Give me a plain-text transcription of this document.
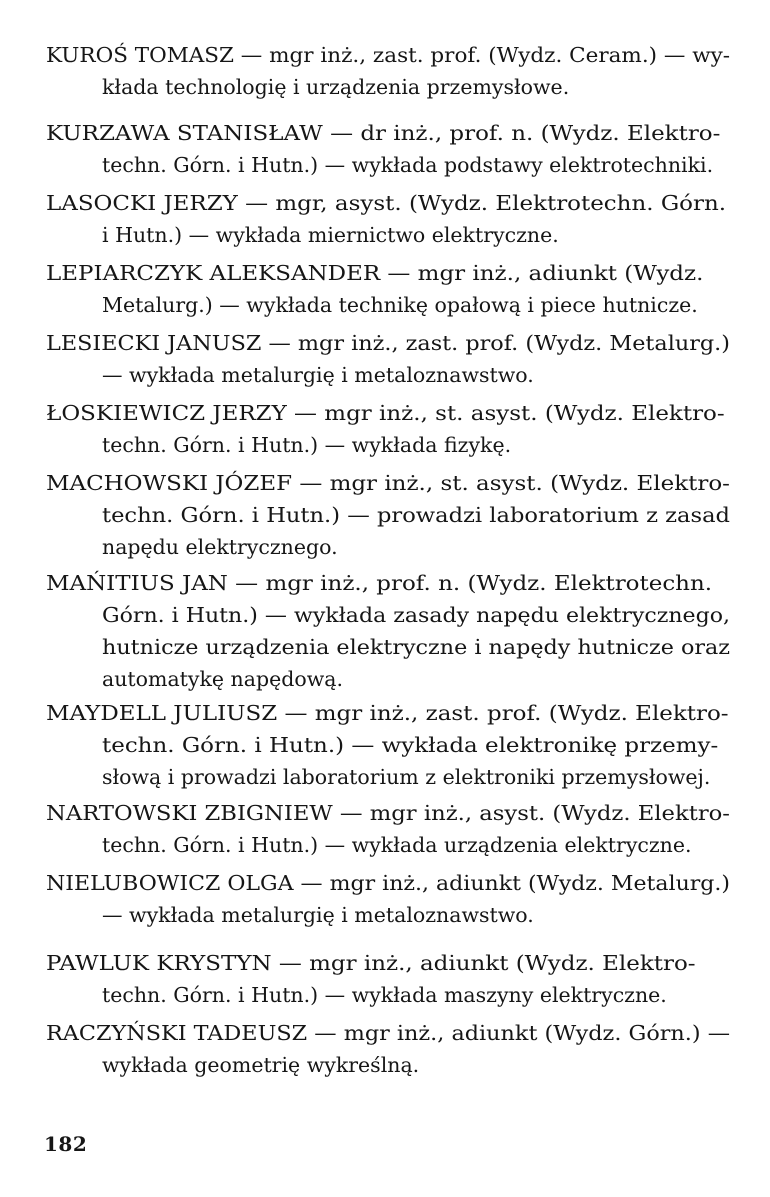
KUROŚ TOMASZ — mgr inż., zast. prof. (Wydz. Ceram.) — wy-
kłada technologię i urządzenia przemysłowe.
KURZAWA STANISŁAW — dr inż., prof. n. (Wydz. Elektro-
techn. Górn. i Hutn.) — wykłada podstawy elektrotechniki.
LASOCKI JERZY — mgr, asyst. (Wydz. Elektrotechn. Górn.
i Hutn.) — wykłada miernictwo elektryczne.
LEPIARCZYK ALEKSANDER — mgr inż., adiunkt (Wydz.
Metalurg.) — wykłada technikę opałową i piece hutnicze.
LESIECKI JANUSZ — mgr inż., zast. prof. (Wydz. Metalurg.)
— wykłada metalurgię i metaloznawstwo.
ŁOSKIEWICZ JERZY — mgr inż., st. asyst. (Wydz. Elektro-
techn. Górn. i Hutn.) — wykłada fizykę.
MACHOWSKI JÓZEF — mgr inż., st. asyst. (Wydz. Elektro-
techn. Górn. i Hutn.) — prowadzi laboratorium z zasad
napędu elektrycznego.
MAŃITIUS JAN — mgr inż., prof. n. (Wydz. Elektrotechn.
Górn. i Hutn.) — wykłada zasady napędu elektrycznego,
hutnicze urządzenia elektryczne i napędy hutnicze oraz
automatykę napędową.
MAYDELL JULIUSZ — mgr inż., zast. prof. (Wydz. Elektro-
techn. Górn. i Hutn.) — wykłada elektronikę przemy-
słową i prowadzi laboratorium z elektroniki przemysłowej.
NARTOWSKI ZBIGNIEW — mgr inż., asyst. (Wydz. Elektro-
techn. Górn. i Hutn.) — wykłada urządzenia elektryczne.
NIELUBOWICZ OLGA — mgr inż., adiunkt (Wydz. Metalurg.)
— wykłada metalurgię i metaloznawstwo.
PAWLUK KRYSTYN — mgr inż., adiunkt (Wydz. Elektro-
techn. Górn. i Hutn.) — wykłada maszyny elektryczne.
RACZYŃSKI TADEUSZ — mgr inż., adiunkt (Wydz. Górn.) —
wykłada geometrię wykreślną.
182
